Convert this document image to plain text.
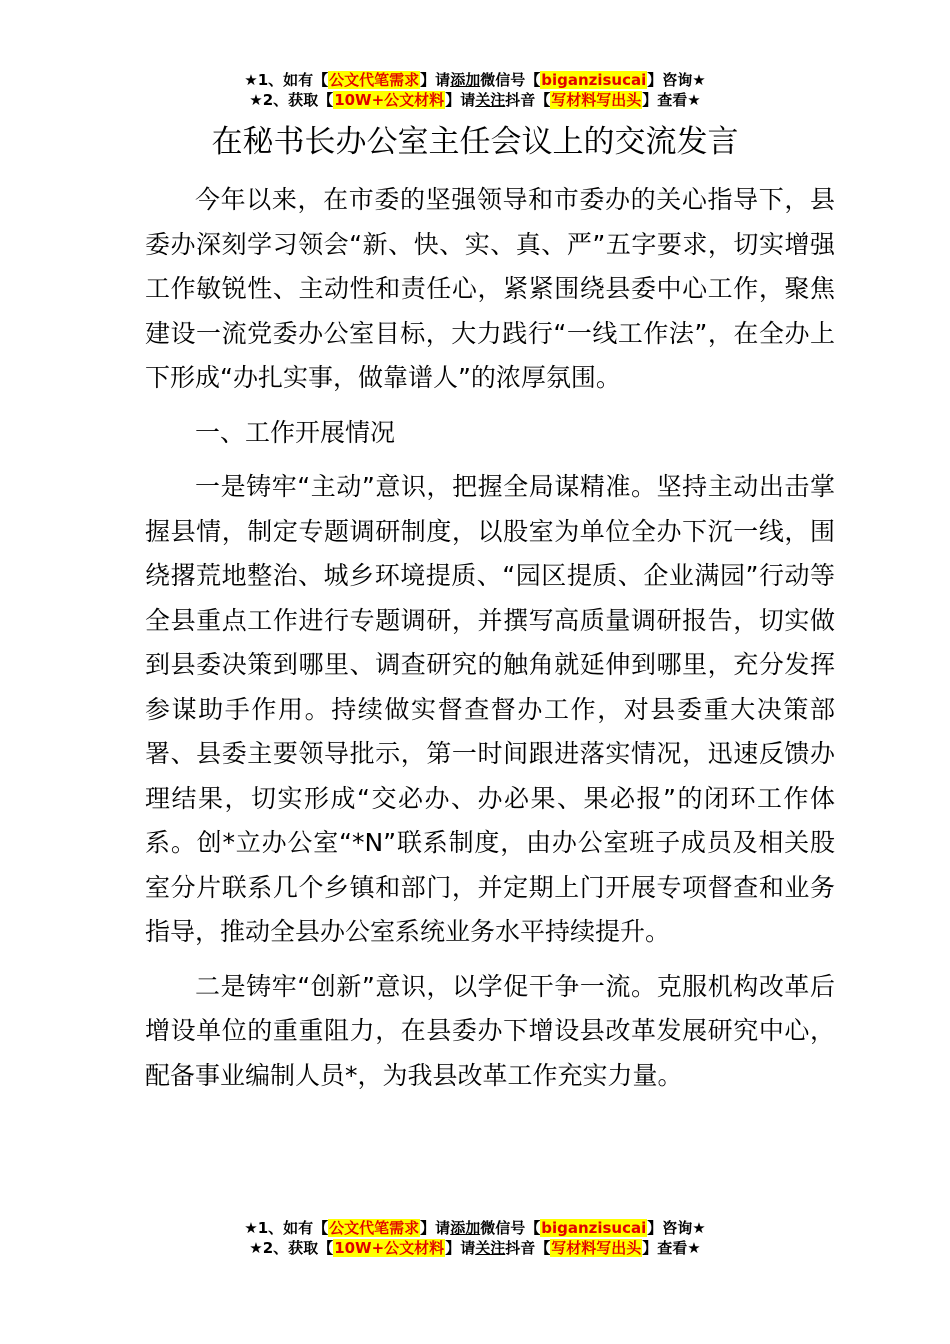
★1、如有【公文代笔需求】请添加微信号【biganzisucai】咨询★
★2、获取【10W+公文材料】请关注抖音【写材料写出头】查看★
在秘书长办公室主任会议上的交流发言

今年以来，在市委的坚强领导和市委办的关心指导下，县委办深刻学习领会“新、快、实、真、严”五字要求，切实增强工作敏锐性、主动性和责任心，紧紧围绕县委中心工作，聚焦建设一流党委办公室目标，大力践行“一线工作法”，在全办上下形成“办扎实事，做靠谱人”的浓厚氛围。

一、工作开展情况

一是铸牢“主动”意识，把握全局谋精准。坚持主动出击掌握县情，制定专题调研制度，以股室为单位全办下沉一线，围绕撂荒地整治、城乡环境提质、“园区提质、企业满园”行动等全县重点工作进行专题调研，并撰写高质量调研报告，切实做到县委决策到哪里、调查研究的触角就延伸到哪里，充分发挥参谋助手作用。持续做实督查督办工作，对县委重大决策部署、县委主要领导批示，第一时间跟进落实情况，迅速反馈办理结果，切实形成“交必办、办必果、果必报”的闭环工作体系。创*立办公室“*N”联系制度，由办公室班子成员及相关股室分片联系几个乡镇和部门，并定期上门开展专项督查和业务指导，推动全县办公室系统业务水平持续提升。

二是铸牢“创新”意识，以学促干争一流。克服机构改革后增设单位的重重阻力，在县委办下增设县改革发展研究中心，配备事业编制人员*，为我县改革工作充实力量。

★1、如有【公文代笔需求】请添加微信号【biganzisucai】咨询★
★2、获取【10W+公文材料】请关注抖音【写材料写出头】查看★
